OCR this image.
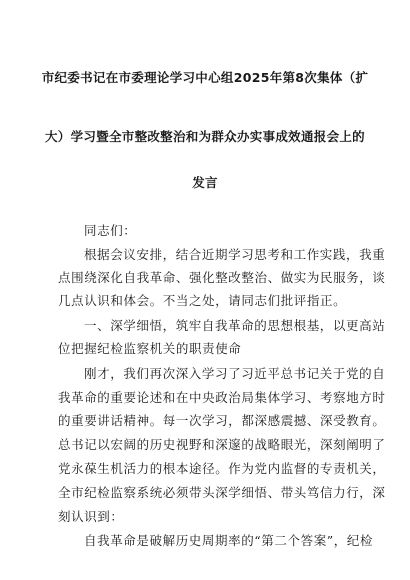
市纪委书记在市委理论学习中心组2025年第8次集体（扩
大）学习暨全市整改整治和为群众办实事成效通报会上的
发言
同志们：
根据会议安排，结合近期学习思考和工作实践，我重
点围绕深化自我革命、强化整改整治、做实为民服务，谈
几点认识和体会。不当之处，请同志们批评指正。
一、深学细悟，筑牢自我革命的思想根基，以更高站
位把握纪检监察机关的职责使命
刚才，我们再次深入学习了习近平总书记关于党的自
我革命的重要论述和在中央政治局集体学习、考察地方时
的重要讲话精神。每一次学习，都深感震撼、深受教育。
总书记以宏阔的历史视野和深邃的战略眼光，深刻阐明了
党永葆生机活力的根本途径。作为党内监督的专责机关，
全市纪检监察系统必须带头深学细悟、带头笃信力行，深
刻认识到：
自我革命是破解历史周期率的“第二个答案”，纪检
